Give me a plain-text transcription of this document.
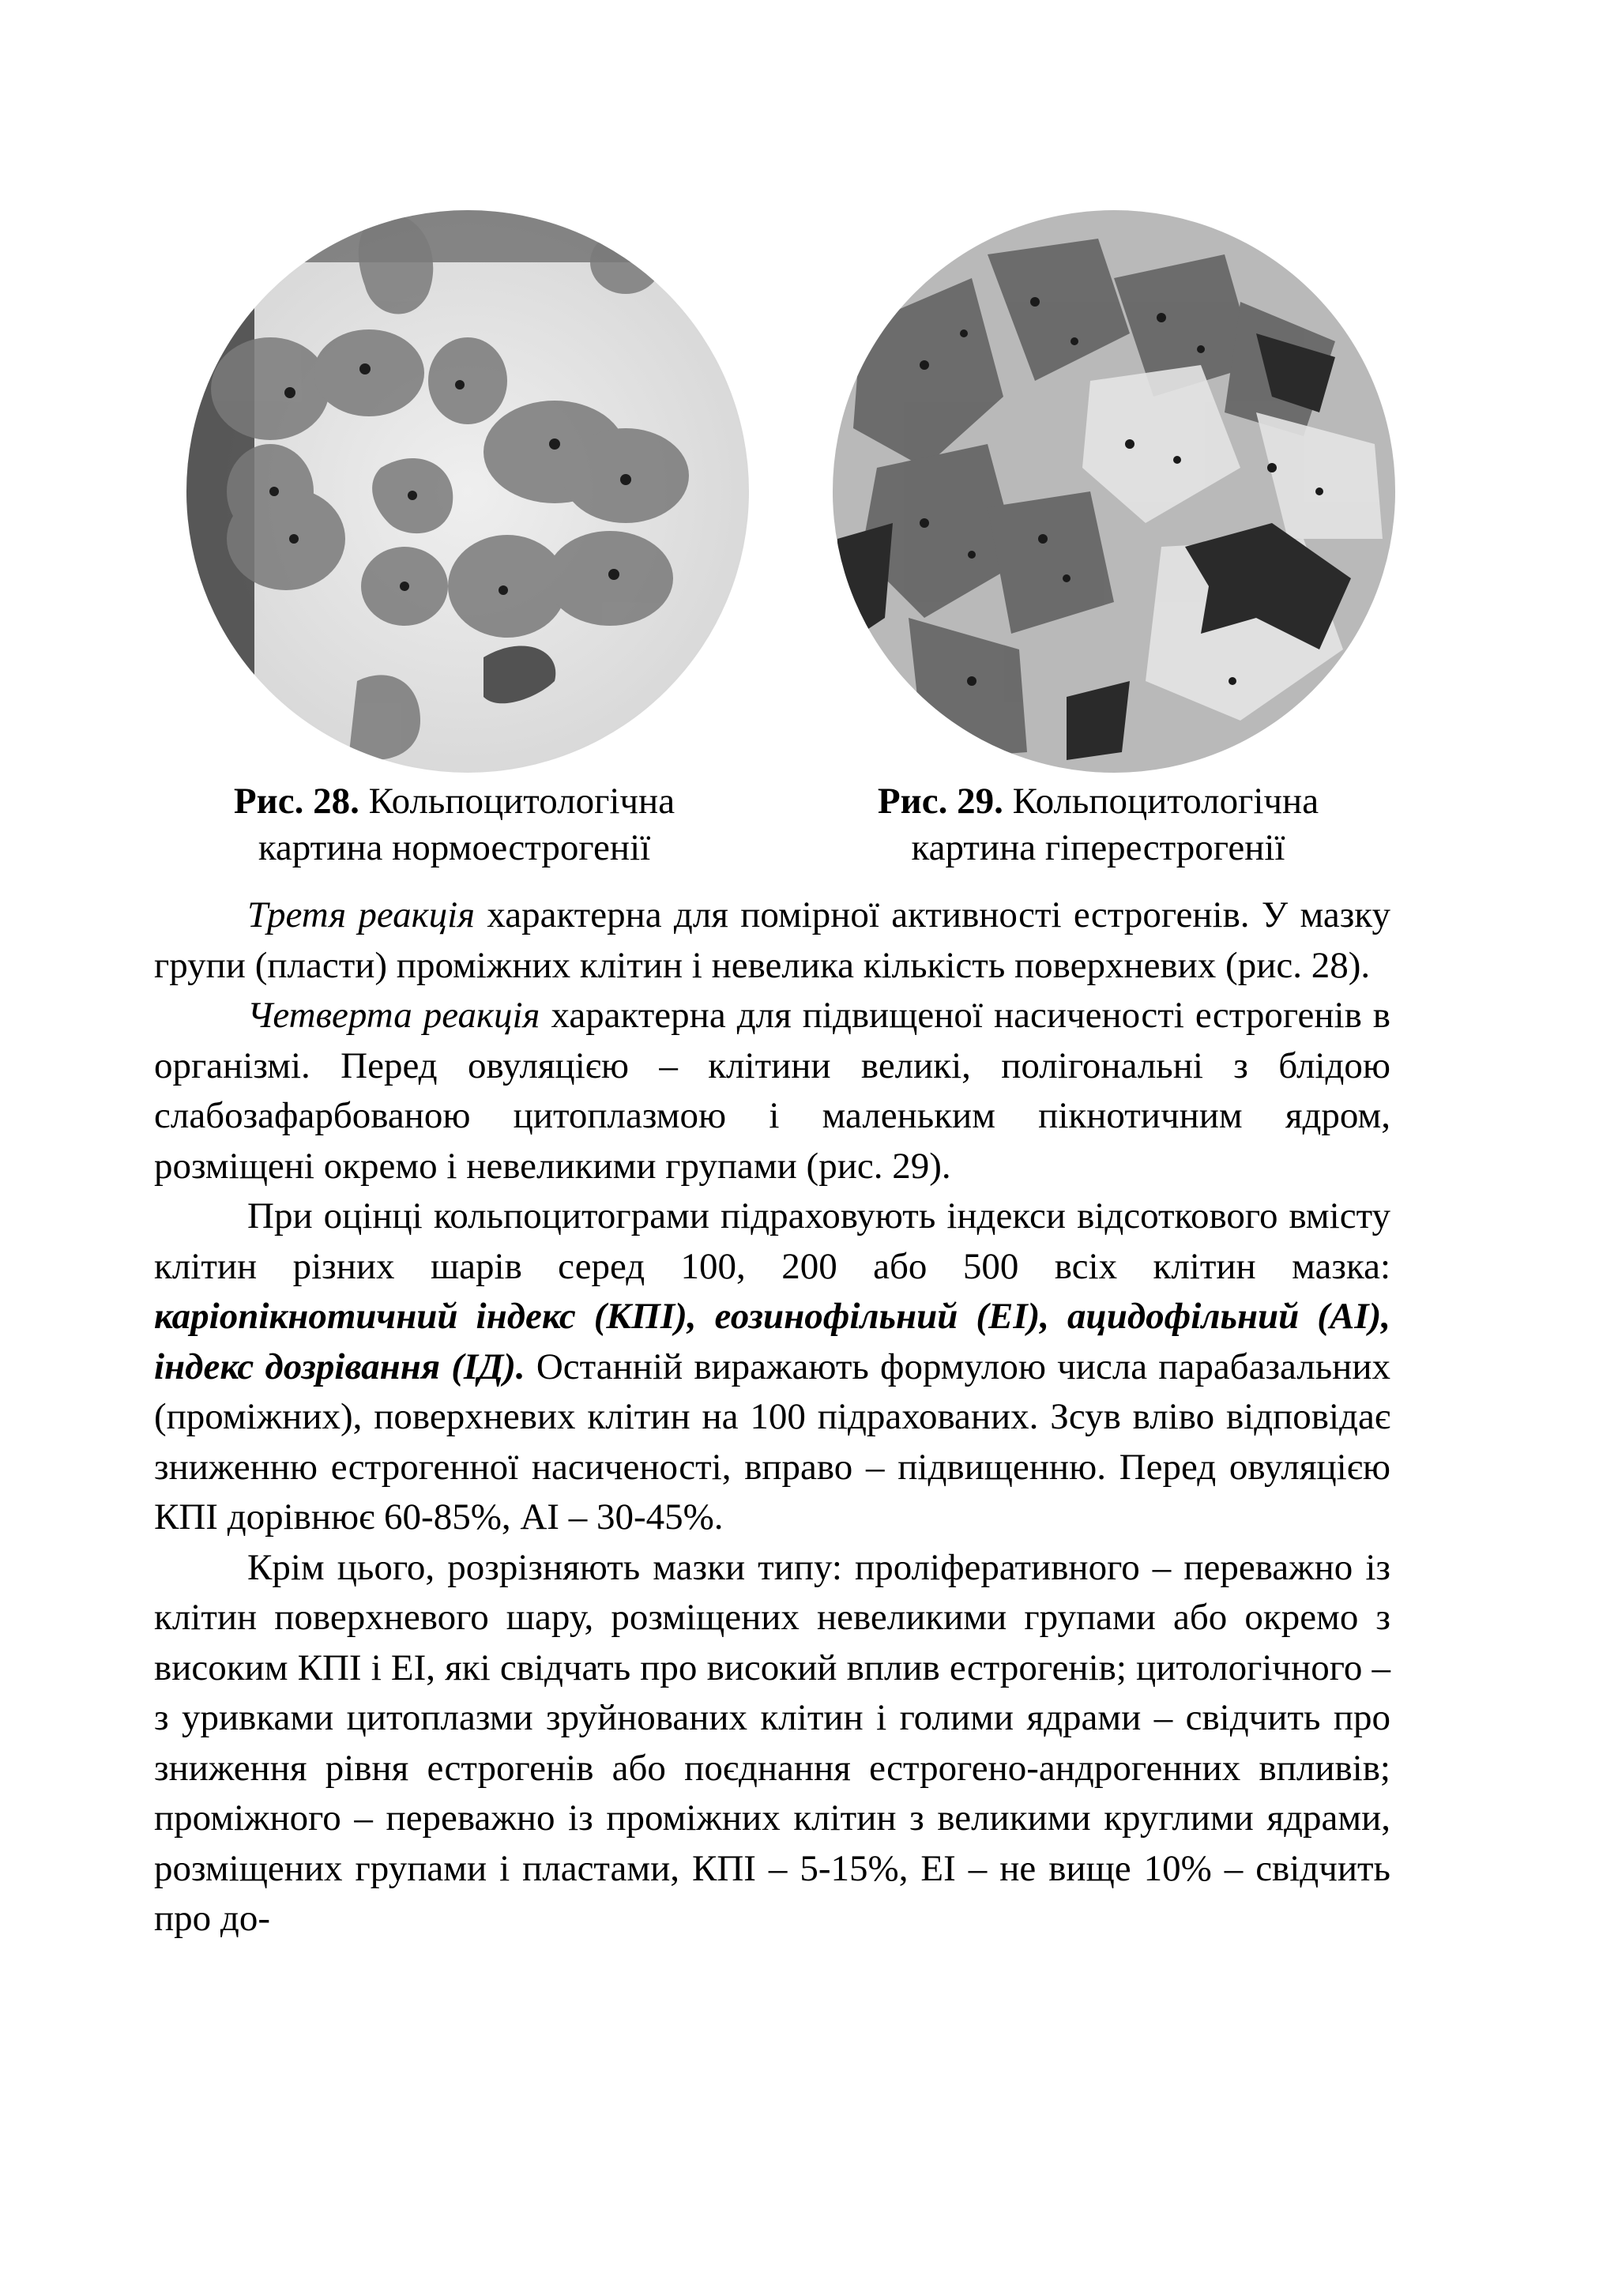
Рис. 28. Кольпоцитологічна
картина нормоестрогенії
Рис. 29. Кольпоцитологічна
картина гіперестрогенії

Третя реакція характерна для помірної активності естрогенів. У мазку групи (пласти) проміжних клітин і невелика кількість поверхневих (рис. 28).

Четверта реакція характерна для підвищеної насиченості естрогенів в організмі. Перед овуляцією – клітини великі, полігональні з блідою слабозафарбованою цитоплазмою і маленьким пікнотичним ядром, розміщені окремо і невеликими групами (рис. 29).

При оцінці кольпоцитограми підраховують індекси відсоткового вмісту клітин різних шарів серед 100, 200 або 500 всіх клітин мазка: каріопікнотичний індекс (КПІ), еозинофільний (ЕІ), ацидофільний (АІ), індекс дозрівання (ІД). Останній виражають формулою числа парабазальних (проміжних), поверхневих клітин на 100 підрахованих. Зсув вліво відповідає зниженню естрогенної насиченості, вправо – підвищенню. Перед овуляцією КПІ дорівнює 60-85%, АІ – 30-45%.

Крім цього, розрізняють мазки типу: проліферативного – переважно із клітин поверхневого шару, розміщених невеликими групами або окремо з високим КПІ і ЕІ, які свідчать про високий вплив естрогенів; цитологічного – з уривками цитоплазми зруйнованих клітин і голими ядрами – свідчить про зниження рівня естрогенів або поєднання естрогено-андрогенних впливів; проміжного – переважно із проміжних клітин з великими круглими ядрами, розміщених групами і пластами, КПІ – 5-15%, ЕІ – не вище 10% – свідчить про до-
